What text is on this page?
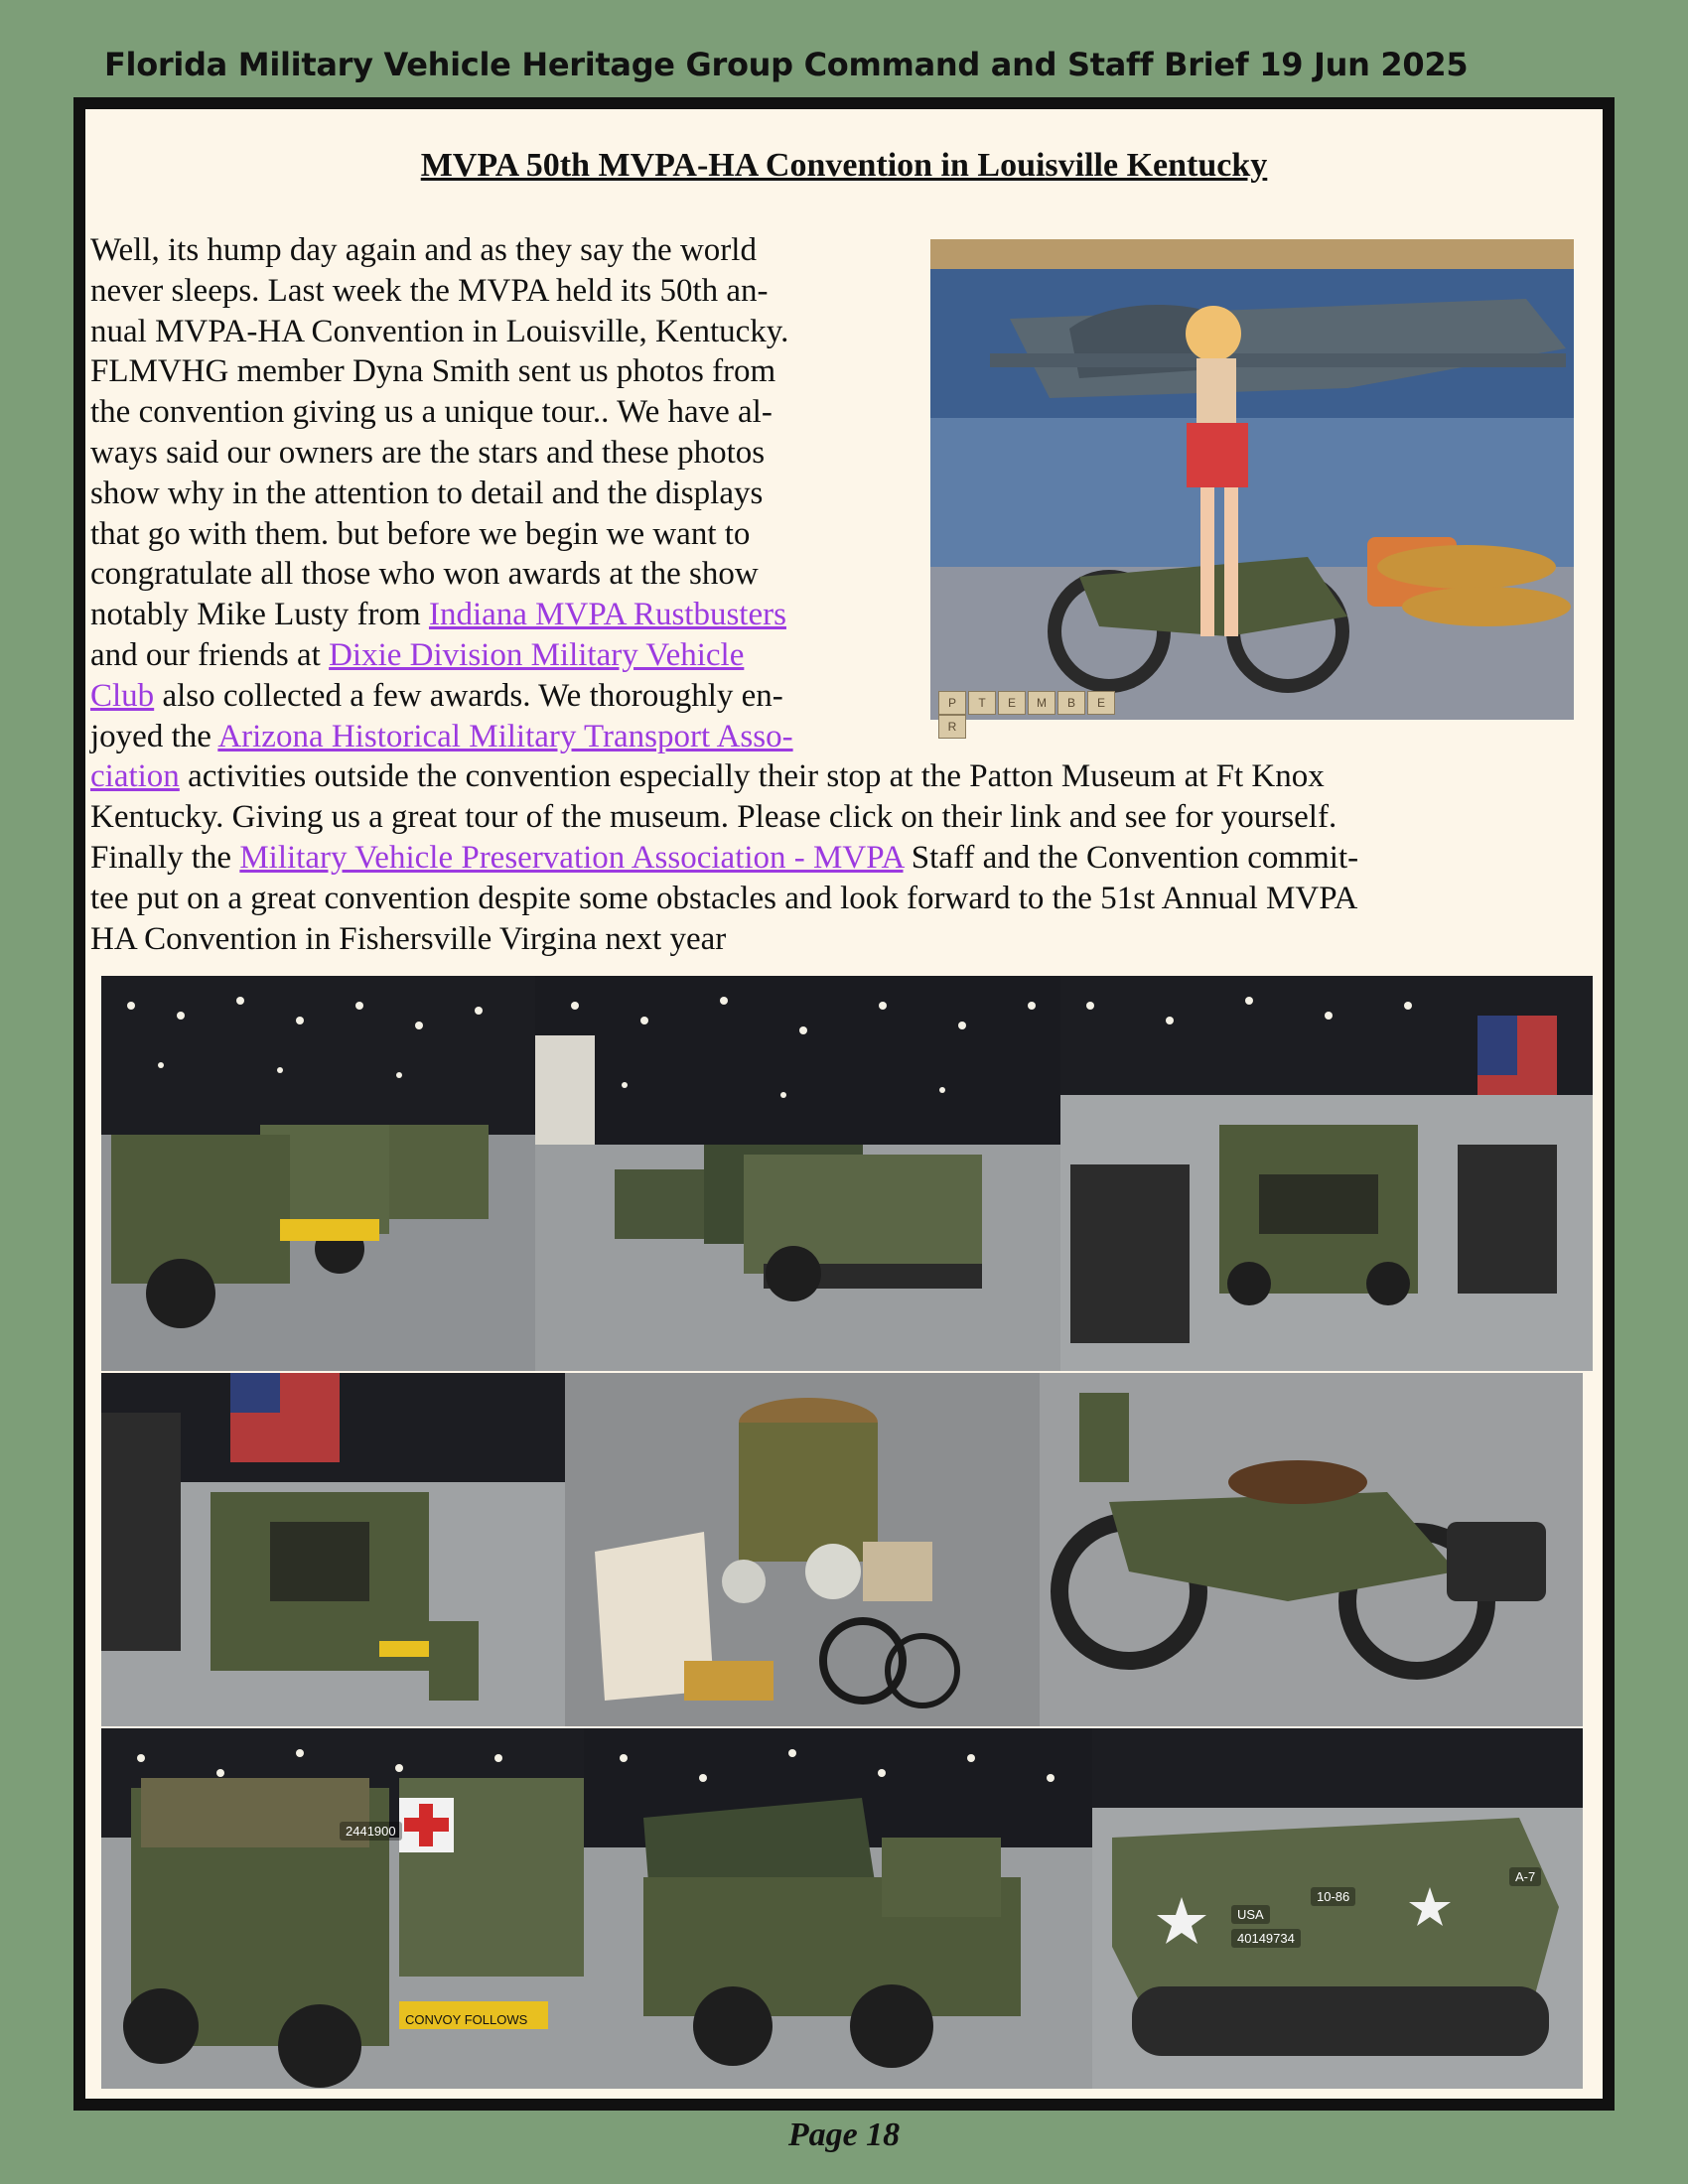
Florida Military Vehicle Heritage Group Command and Staff Brief 19 Jun 2025
MVPA 50th MVPA-HA Convention in Louisville Kentucky
Well, its hump day again and as they say the world
never sleeps. Last week the MVPA held its 50th an-
nual MVPA-HA Convention in Louisville, Kentucky.
FLMVHG member Dyna Smith sent us photos from
the convention giving us a unique tour.. We have al-
ways said our owners are the stars and these photos
show why in the attention to detail and the displays
that go with them. but before we begin we want to
congratulate all those who won awards at the show
notably Mike Lusty from Indiana MVPA Rustbusters
and our friends at Dixie Division Military Vehicle
Club also collected a few awards. We thoroughly en-
joyed the Arizona Historical Military Transport Asso-
ciation activities outside the convention especially their stop at the Patton Museum at Ft Knox
Kentucky. Giving us a great tour of the museum. Please click on their link and see for yourself.
Finally the Military Vehicle Preservation Association - MVPA Staff and the Convention commit-
tee put on a great convention despite some obstacles and look forward to the 51st Annual MVPA
HA Convention in Fishersville Virgina next year
P T E M B ER
2441900
CONVOY FOLLOWS
10-86
USA
40149734
A-7
Page 18
